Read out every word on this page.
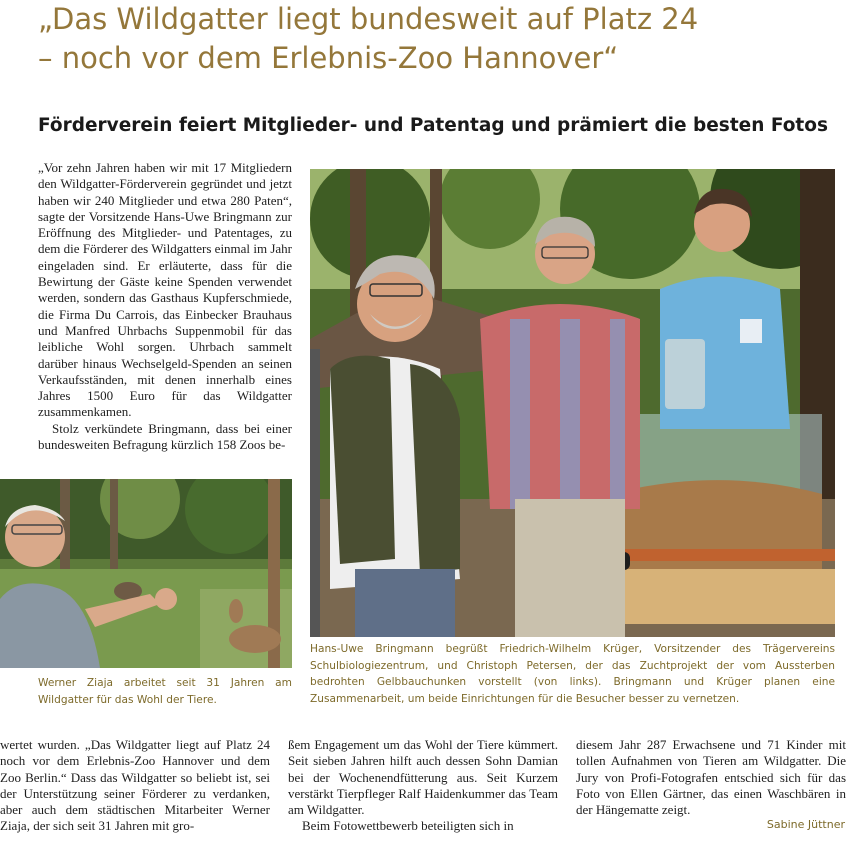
„Das Wildgatter liegt bundesweit auf Platz 24
– noch vor dem Erlebnis-Zoo Hannover“
Förderverein feiert Mitglieder- und Patentag und prämiert die besten Fotos

„Vor zehn Jahren haben wir mit 17 Mitgliedern den Wildgatter-Förderverein gegründet und jetzt haben wir 240 Mitglieder und etwa 280 Paten“, sagte der Vorsitzende Hans-Uwe Bringmann zur Eröffnung des Mitglieder- und Patentages, zu dem die Förderer des Wildgatters einmal im Jahr eingeladen sind. Er erläuterte, dass für die Bewirtung der Gäste keine Spenden verwendet werden, sondern das Gasthaus Kupferschmiede, die Firma Du Carrois, das Einbecker Brauhaus und Manfred Uhrbachs Suppenmobil für das leibliche Wohl sorgen. Uhrbach sammelt darüber hinaus Wechselgeld-Spenden an seinen Verkaufsständen, mit denen innerhalb eines Jahres 1500 Euro für das Wildgatter zusammenkamen.

Stolz verkündete Bringmann, dass bei einer bundesweiten Befragung kürzlich 158 Zoos be-

Werner Ziaja arbeitet seit 31 Jahren am Wildgatter für das Wohl der Tiere.
Hans-Uwe Bringmann begrüßt Friedrich-Wilhelm Krüger, Vorsitzender des Trägervereins Schulbiologiezentrum, und Christoph Petersen, der das Zuchtprojekt der vom Aussterben bedrohten Gelbbauchunken vorstellt (von links). Bringmann und Krüger planen eine Zusammenarbeit, um beide Einrichtungen für die Besucher besser zu vernetzen.

wertet wurden. „Das Wildgatter liegt auf Platz 24 noch vor dem Erlebnis-Zoo Hannover und dem Zoo Berlin.“ Dass das Wildgatter so beliebt ist, sei der Unterstützung seiner Förderer zu verdanken, aber auch dem städtischen Mitarbeiter Werner Ziaja, der sich seit 31 Jahren mit gro-

ßem Engagement um das Wohl der Tiere kümmert. Seit sieben Jahren hilft auch dessen Sohn Damian bei der Wochenendfütterung aus. Seit Kurzem verstärkt Tierpfleger Ralf Haidenkummer das Team am Wildgatter.

Beim Fotowettbewerb beteiligten sich in

diesem Jahr 287 Erwachsene und 71 Kinder mit tollen Aufnahmen von Tieren am Wildgatter. Die Jury von Profi-Fotografen entschied sich für das Foto von Ellen Gärtner, das einen Waschbären in der Hängematte zeigt.

Sabine Jüttner
